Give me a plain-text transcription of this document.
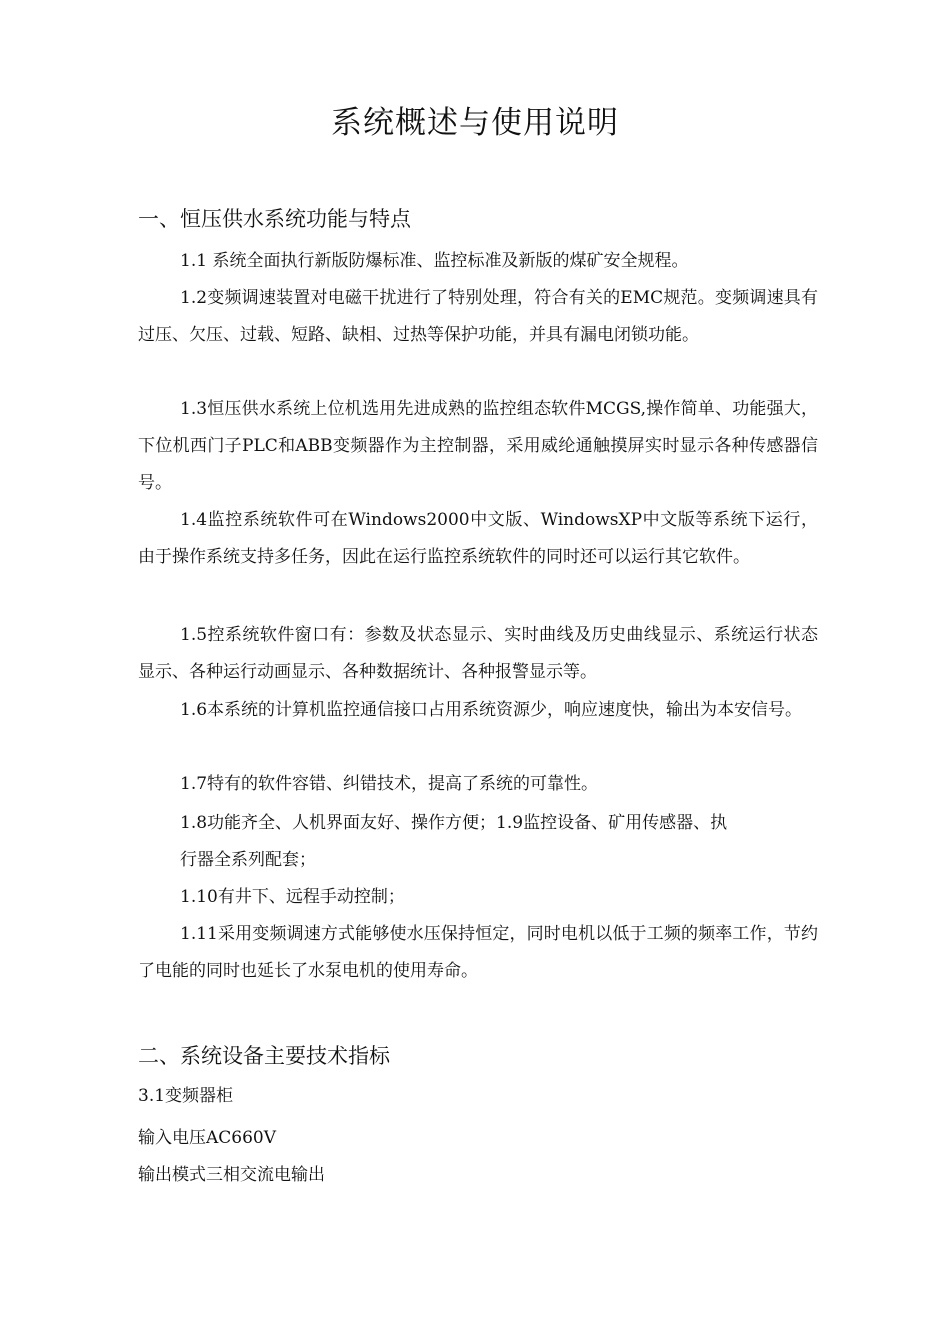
系统概述与使用说明
一、恒压供水系统功能与特点
1.1 系统全面执行新版防爆标准、监控标准及新版的煤矿安全规程。
1.2变频调速装置对电磁干扰进行了特别处理，符合有关的EMC规范。变频调速具有过压、欠压、过载、短路、缺相、过热等保护功能，并具有漏电闭锁功能。
1.3恒压供水系统上位机选用先进成熟的监控组态软件MCGS,操作简单、功能强大，下位机西门子PLC和ABB变频器作为主控制器，采用威纶通触摸屏实时显示各种传感器信号。
1.4监控系统软件可在Windows2000中文版、WindowsXP中文版等系统下运行，由于操作系统支持多任务，因此在运行监控系统软件的同时还可以运行其它软件。
1.5控系统软件窗口有：参数及状态显示、实时曲线及历史曲线显示、系统运行状态显示、各种运行动画显示、各种数据统计、各种报警显示等。
1.6本系统的计算机监控通信接口占用系统资源少，响应速度快，输出为本安信号。
1.7特有的软件容错、纠错技术，提高了系统的可靠性。
1.8功能齐全、人机界面友好、操作方便；1.9监控设备、矿用传感器、执
行器全系列配套；
1.10有井下、远程手动控制；
1.11采用变频调速方式能够使水压保持恒定，同时电机以低于工频的频率工作，节约了电能的同时也延长了水泵电机的使用寿命。
二、系统设备主要技术指标
3.1变频器柜
输入电压AC660V
输出模式三相交流电输出
